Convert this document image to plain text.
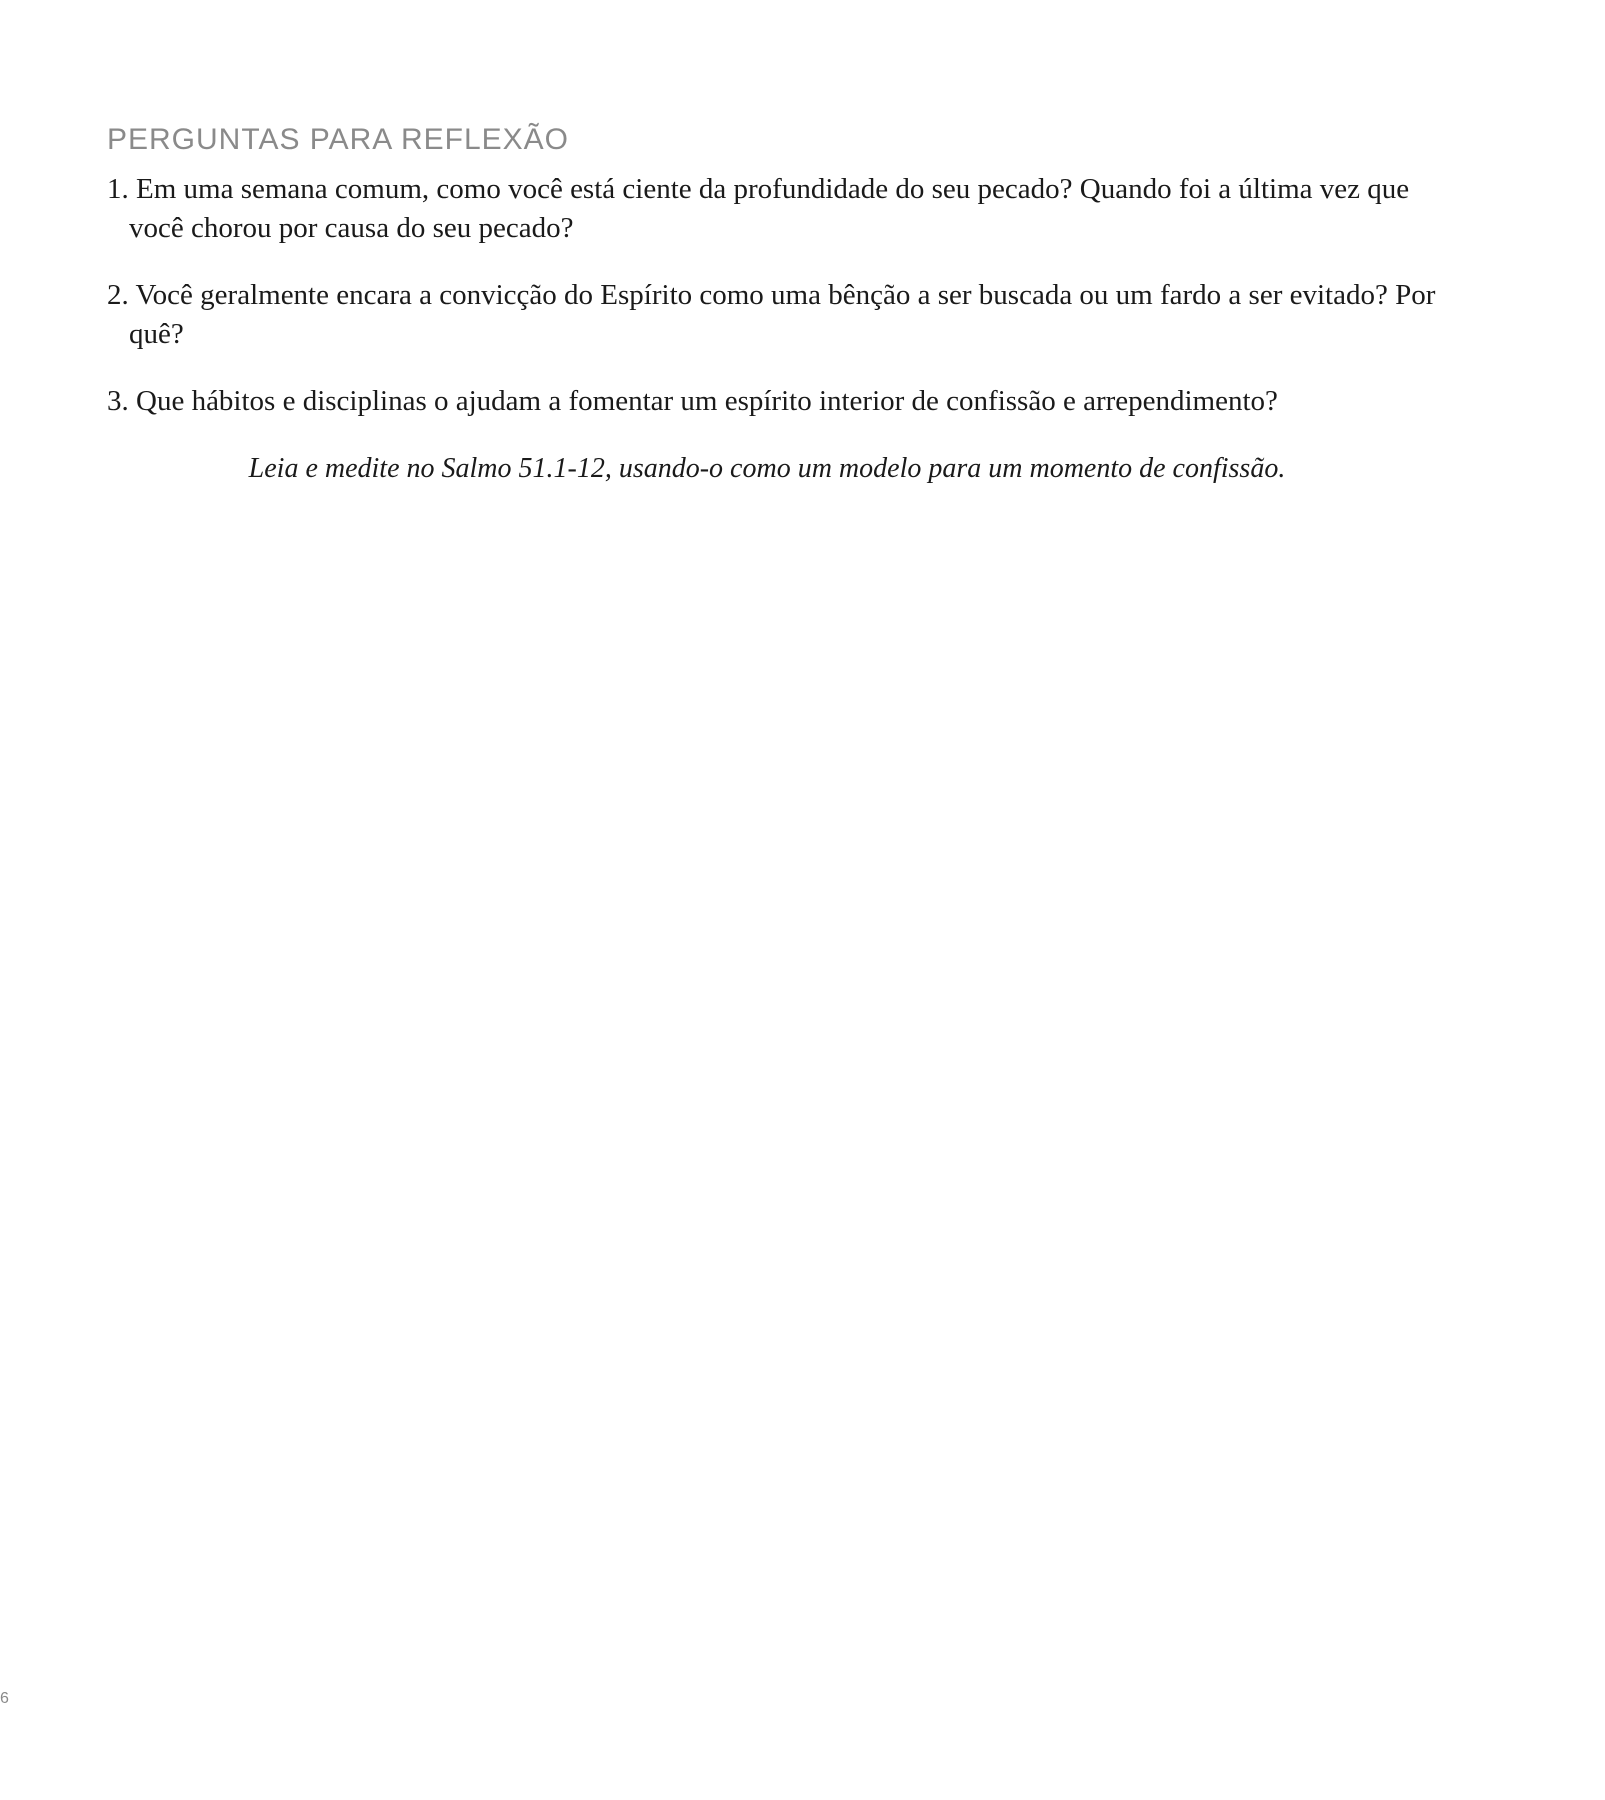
PERGUNTAS PARA REFLEXÃO
1. Em uma semana comum, como você está ciente da profundidade do seu pecado? Quando foi a última vez que você chorou por causa do seu pecado?
2. Você geralmente encara a convicção do Espírito como uma bênção a ser buscada ou um fardo a ser evitado? Por quê?
3. Que hábitos e disciplinas o ajudam a fomentar um espírito interior de confissão e arrependimento?

Leia e medite no Salmo 51.1-12, usando-o como um modelo para um momento de confissão.

6
